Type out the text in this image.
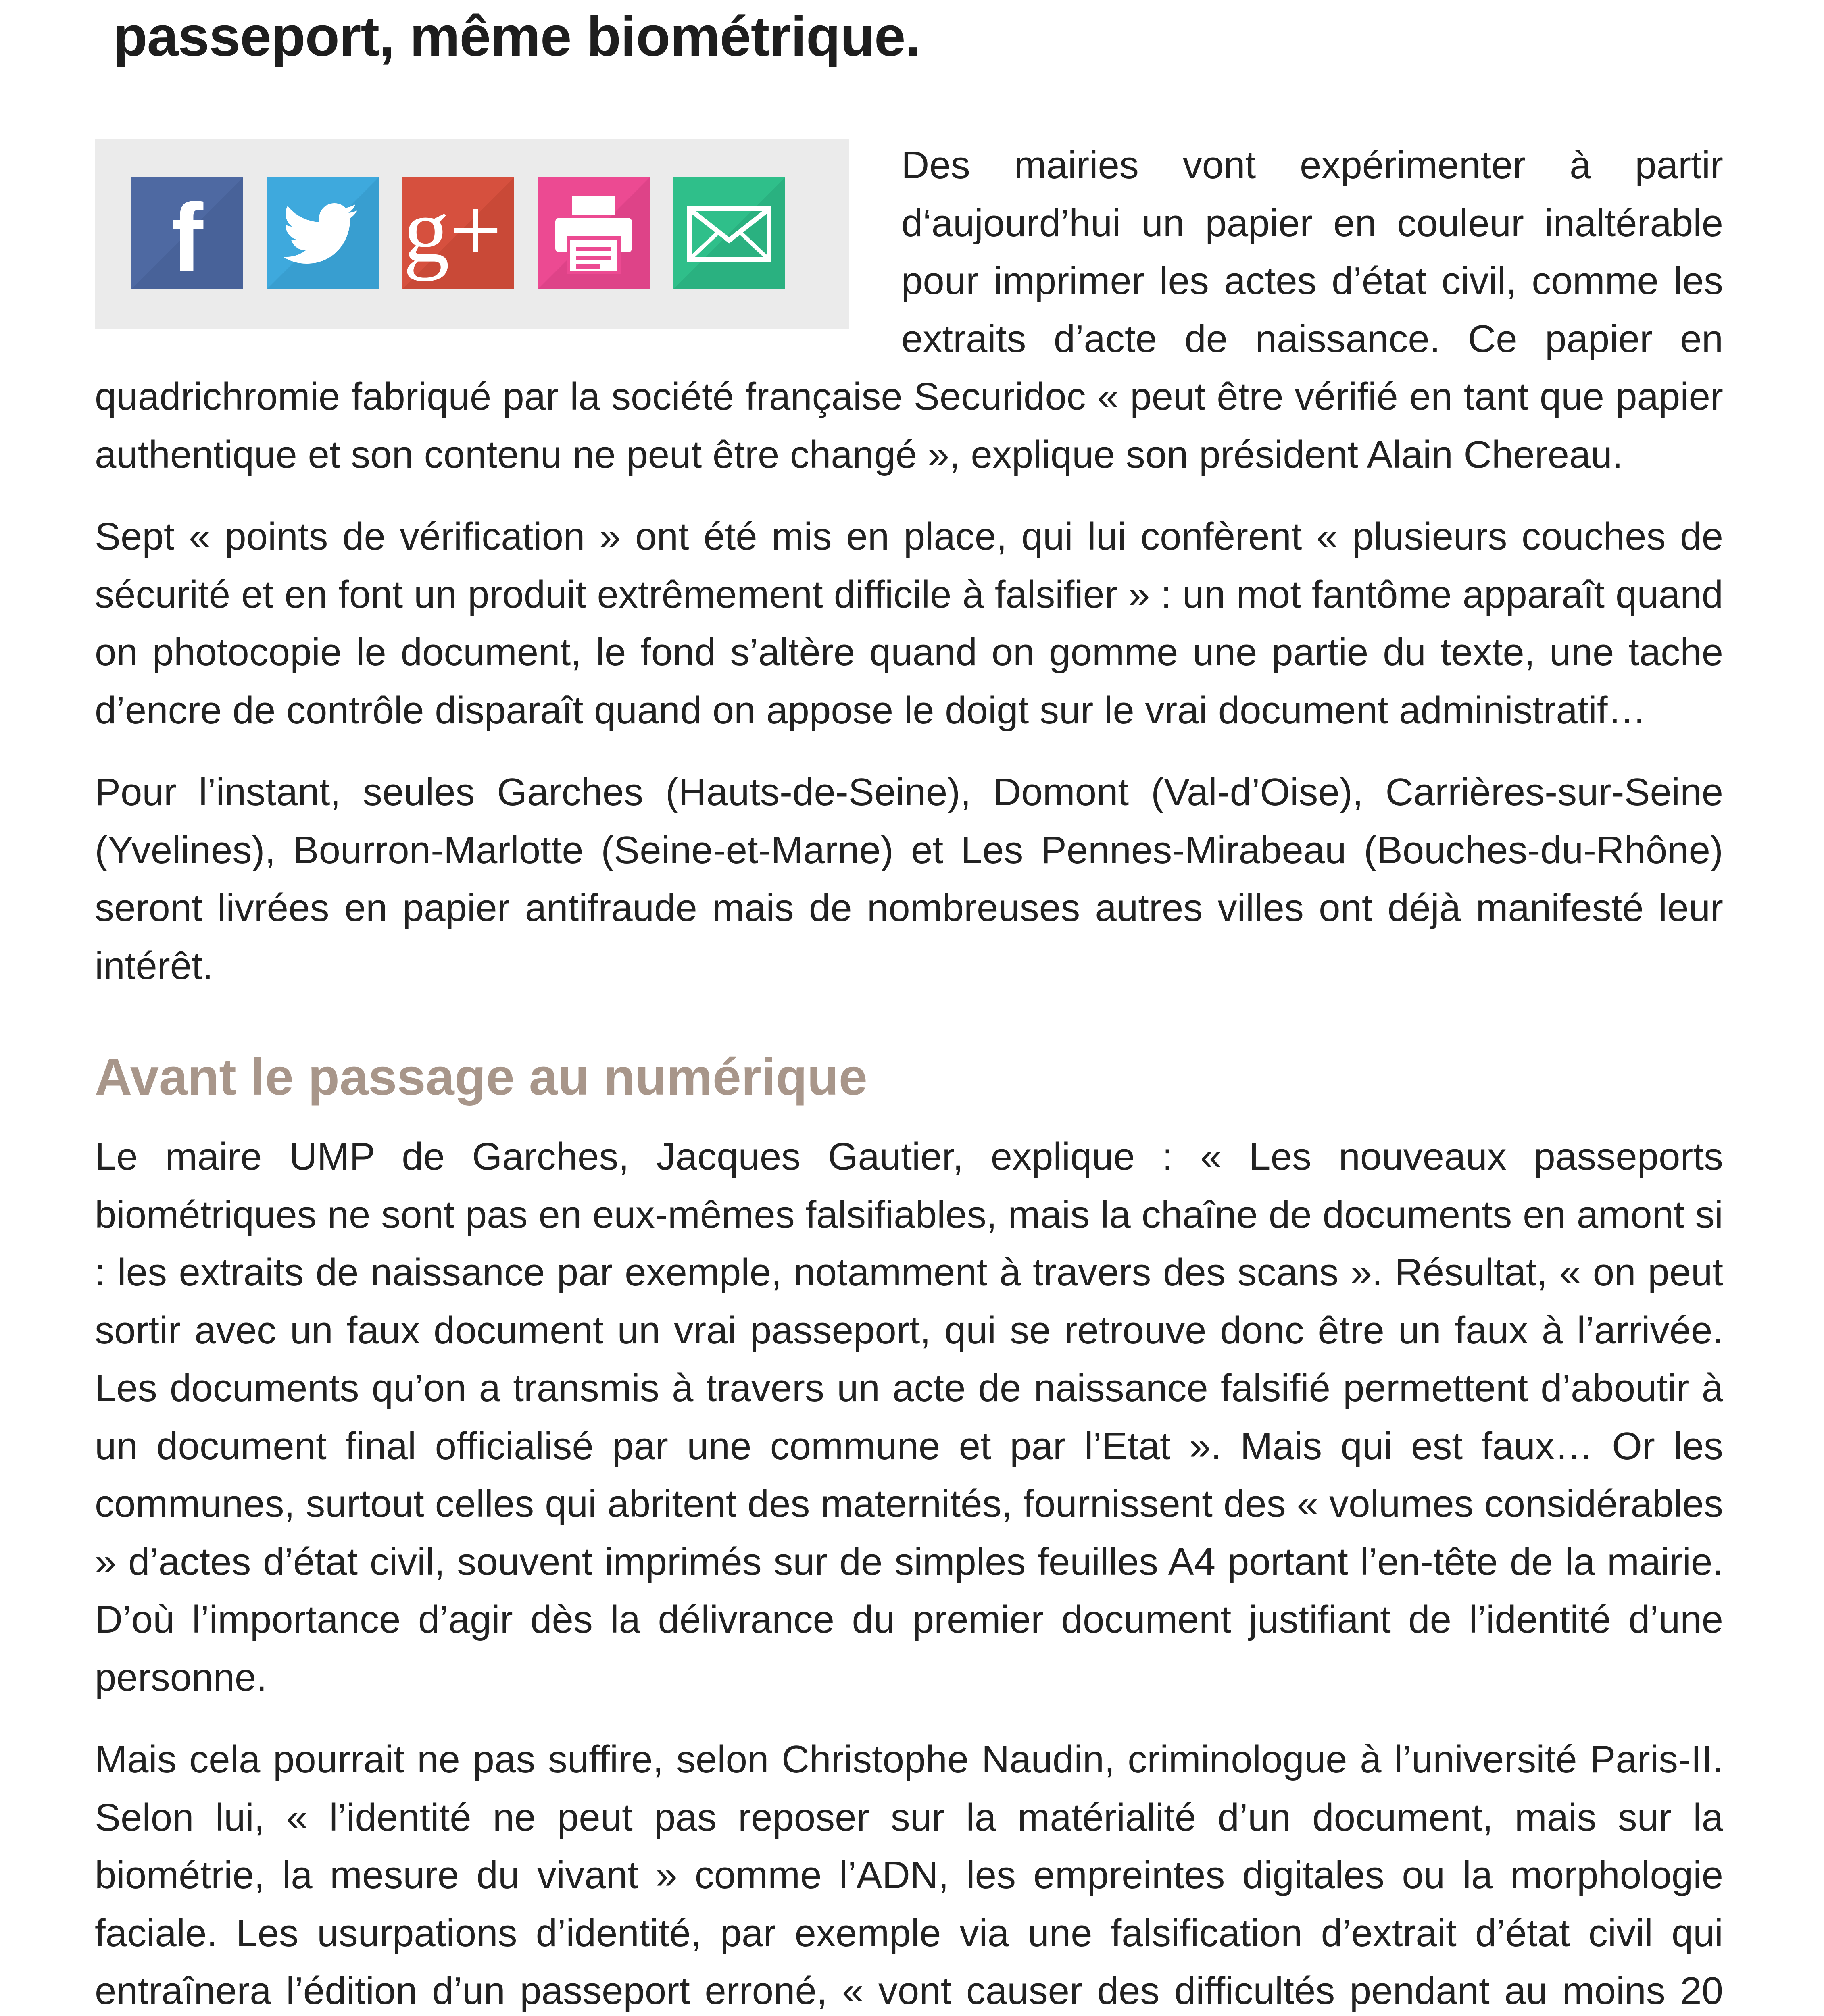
passeport, même biométrique.
f g+

Des mairies vont expérimenter à partir d‘aujourd’hui un papier en couleur inaltérable pour imprimer les actes d’état civil, comme les extraits d’acte de naissance. Ce papier en quadrichromie fabriqué par la société française Securidoc « peut être vérifié en tant que papier authentique et son contenu ne peut être changé », explique son président Alain Chereau.

Sept « points de vérification » ont été mis en place, qui lui confèrent « plusieurs couches de sécurité et en font un produit extrêmement difficile à falsifier » : un mot fantôme apparaît quand on photocopie le document, le fond s’altère quand on gomme une partie du texte, une tache d’encre de contrôle disparaît quand on appose le doigt sur le vrai document administratif…

Pour l’instant, seules Garches (Hauts-de-Seine), Domont (Val-d’Oise), Carrières-sur-Seine (Yvelines), Bourron-Marlotte (Seine-et-Marne) et Les Pennes-Mirabeau (Bouches-du-Rhône) seront livrées en papier antifraude mais de nombreuses autres villes ont déjà manifesté leur intérêt.

Avant le passage au numérique

Le maire UMP de Garches, Jacques Gautier, explique : « Les nouveaux passeports biométriques ne sont pas en eux-mêmes falsifiables, mais la chaîne de documents en amont si : les extraits de naissance par exemple, notamment à travers des scans ». Résultat, « on peut sortir avec un faux document un vrai passeport, qui se retrouve donc être un faux à l’arrivée. Les documents qu’on a transmis à travers un acte de naissance falsifié permettent d’aboutir à un document final officialisé par une commune et par l’Etat ». Mais qui est faux… Or les communes, surtout celles qui abritent des maternités, fournissent des « volumes considérables » d’actes d’état civil, souvent imprimés sur de simples feuilles A4 portant l’en-tête de la mairie. D’où l’importance d’agir dès la délivrance du premier document justifiant de l’identité d’une personne.

Mais cela pourrait ne pas suffire, selon Christophe Naudin, criminologue à l’université Paris-II. Selon lui, « l’identité ne peut pas reposer sur la matérialité d’un document, mais sur la biométrie, la mesure du vivant » comme l’ADN, les empreintes digitales ou la morphologie faciale. Les usurpations d’identité, par exemple via une falsification d’extrait d’état civil qui entraînera l’édition d’un passeport erroné, « vont causer des difficultés pendant au moins 20
